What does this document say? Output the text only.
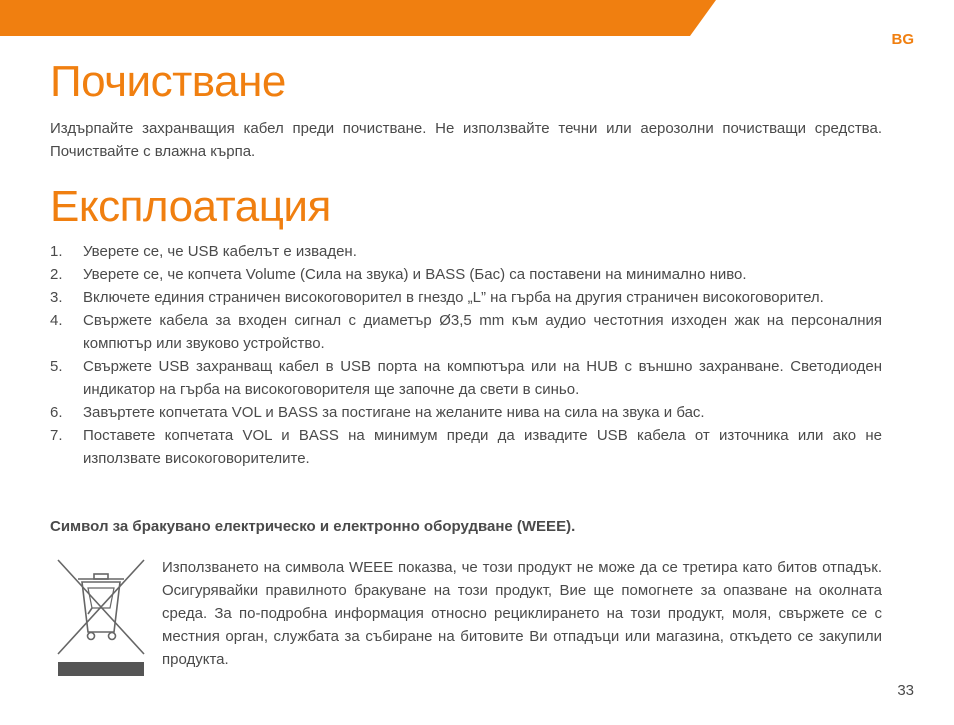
BG
Почистване

Издърпайте захранващия кабел преди почистване. Не използвайте течни или аерозолни почистващи средства. Почиствайте с влажна кърпа.

Експлоатация
1. Уверете се, че USB кабелът е изваден.
2. Уверете се, че копчета Volume (Сила на звука) и BASS (Бас) са поставени на минимално ниво.
3. Включете единия страничен високоговорител в гнездо „L” на гърба на другия страничен високоговорител.
4. Свържете кабела за входен сигнал с диаметър Ø3,5 mm към аудио честотния изходен жак на персоналния компютър или звуково устройство.
5. Свържете USB захранващ кабел в USB порта на компютъра или на HUB с външно захранване. Светодиоден индикатор на гърба на високоговорителя ще започне да свети в синьо.
6. Завъртете копчетата VOL и BASS за постигане на желаните нива на сила на звука и бас.
7. Поставете копчетата VOL и BASS на минимум преди да извадите USB кабела от източника или ако не използвате високоговорителите.

Символ за бракувано електрическо и електронно оборудване (WEEE).

Използването на символа WEEE показва, че този продукт не може да се третира като битов отпадък. Осигурявайки правилното бракуване на този продукт, Вие ще помогнете за опазване на околната среда. За по-подробна информация относно рециклирането на този продукт, моля, свържете се с местния орган, службата за събиране на битовите Ви отпадъци или магазина, откъдето се закупили продукта.

33
